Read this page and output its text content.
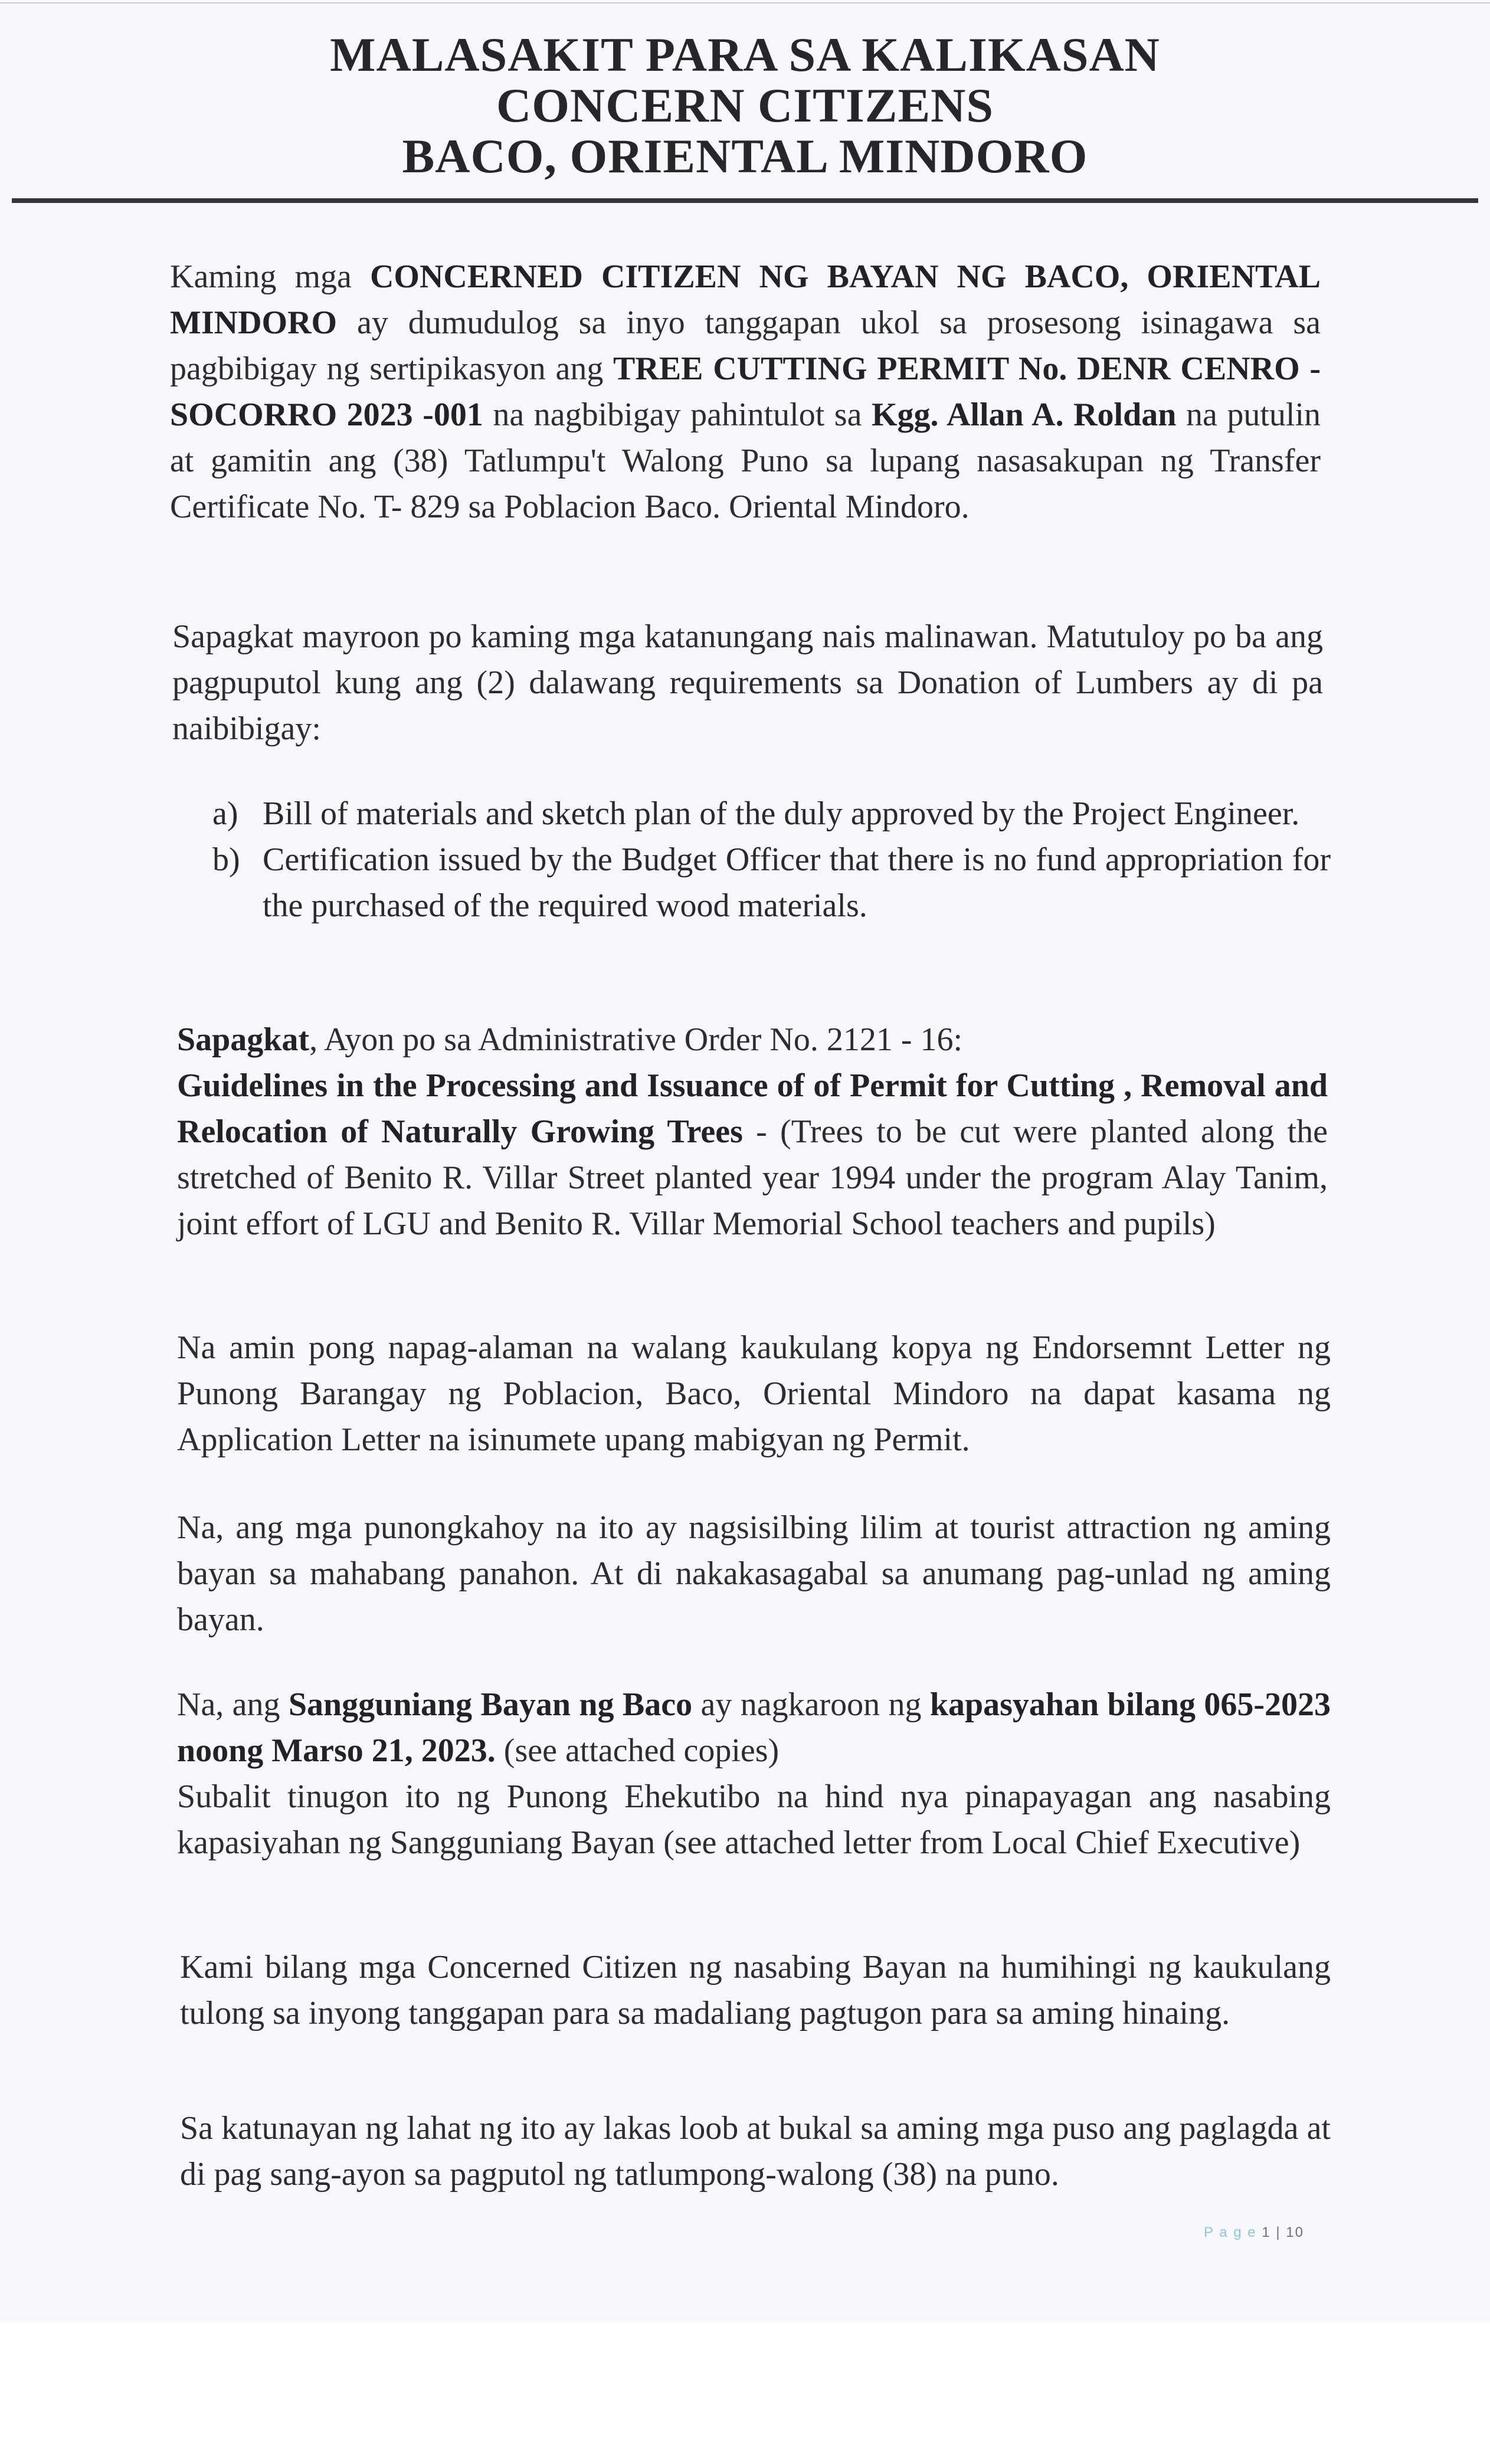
MALASAKIT PARA SA KALIKASAN
CONCERN CITIZENS
BACO, ORIENTAL MINDORO

Kaming mga CONCERNED CITIZEN NG BAYAN NG BACO, ORIENTAL MINDORO ay dumudulog sa inyo tanggapan ukol sa prosesong isinagawa sa pagbibigay ng sertipikasyon ang TREE CUTTING PERMIT No. DENR CENRO - SOCORRO 2023 -001 na nagbibigay pahintulot sa Kgg. Allan A. Roldan na putulin at gamitin ang (38) Tatlumpu't Walong Puno sa lupang nasasakupan ng Transfer Certificate No. T- 829 sa Poblacion Baco. Oriental Mindoro.

Sapagkat mayroon po kaming mga katanungang nais malinawan. Matutuloy po ba ang pagpuputol kung ang (2) dalawang requirements sa Donation of Lumbers ay di pa naibibigay:

a) Bill of materials and sketch plan of the duly approved by the Project Engineer.
b) Certification issued by the Budget Officer that there is no fund appropriation for the purchased of the required wood materials.

Sapagkat, Ayon po sa Administrative Order No. 2121 - 16:
Guidelines in the Processing and Issuance of of Permit for Cutting , Removal and Relocation of Naturally Growing Trees - (Trees to be cut were planted along the stretched of Benito R. Villar Street planted year 1994 under the program Alay Tanim, joint effort of LGU and Benito R. Villar Memorial School teachers and pupils)

Na amin pong napag-alaman na walang kaukulang kopya ng Endorsemnt Letter ng Punong Barangay ng Poblacion, Baco, Oriental Mindoro na dapat kasama ng Application Letter na isinumete upang mabigyan ng Permit.

Na, ang mga punongkahoy na ito ay nagsisilbing lilim at tourist attraction ng aming bayan sa mahabang panahon. At di nakakasagabal sa anumang pag-unlad ng aming bayan.

Na, ang Sangguniang Bayan ng Baco ay nagkaroon ng kapasyahan bilang 065-2023 noong Marso 21, 2023. (see attached copies)
Subalit tinugon ito ng Punong Ehekutibo na hind nya pinapayagan ang nasabing kapasiyahan ng Sangguniang Bayan (see attached letter from Local Chief Executive)

Kami bilang mga Concerned Citizen ng nasabing Bayan na humihingi ng kaukulang tulong sa inyong tanggapan para sa madaliang pagtugon para sa aming hinaing.

Sa katunayan ng lahat ng ito ay lakas loob at bukal sa aming mga puso ang paglagda at di pag sang-ayon sa pagputol ng tatlumpong-walong (38) na puno.

P a g e 1 | 10
